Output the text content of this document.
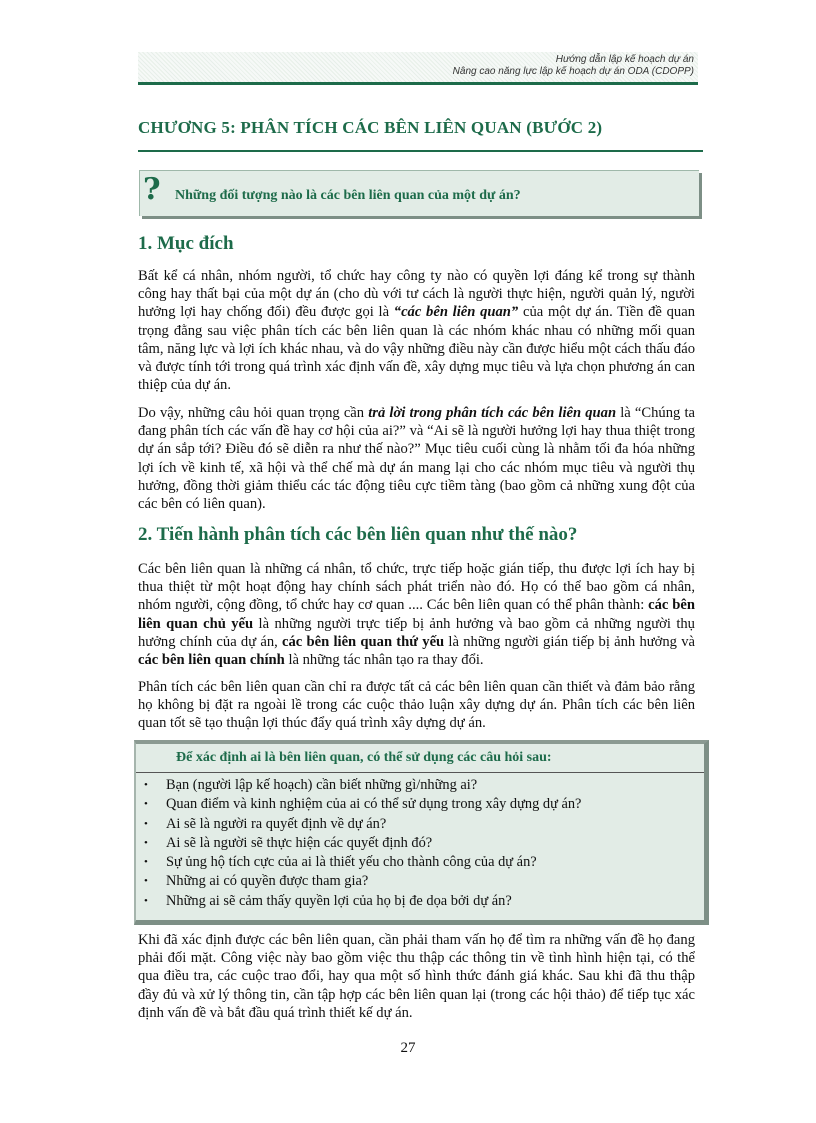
Hướng dẫn lập kế hoạch dự án
Nâng cao năng lực lập kế hoạch dự án ODA (CDOPP)
CHƯƠNG 5: PHÂN TÍCH CÁC BÊN LIÊN QUAN (BƯỚC 2)
? Những đối tượng nào là các bên liên quan của một dự án?
1. Mục đích

Bất kể cá nhân, nhóm người, tổ chức hay công ty nào có quyền lợi đáng kể trong sự thành công hay thất bại của một dự án (cho dù với tư cách là người thực hiện, người quản lý, người hưởng lợi hay chống đối) đều được gọi là “các bên liên quan” của một dự án. Tiền đề quan trọng đằng sau việc phân tích các bên liên quan là các nhóm khác nhau có những mối quan tâm, năng lực và lợi ích khác nhau, và do vậy những điều này cần được hiểu một cách thấu đáo và được tính tới trong quá trình xác định vấn đề, xây dựng mục tiêu và lựa chọn phương án can thiệp của dự án.

Do vậy, những câu hỏi quan trọng cần trả lời trong phân tích các bên liên quan là “Chúng ta đang phân tích các vấn đề hay cơ hội của ai?” và “Ai sẽ là người hưởng lợi hay thua thiệt trong dự án sắp tới? Điều đó sẽ diễn ra như thế nào?” Mục tiêu cuối cùng là nhằm tối đa hóa những lợi ích về kinh tế, xã hội và thể chế mà dự án mang lại cho các nhóm mục tiêu và người thụ hưởng, đồng thời giảm thiểu các tác động tiêu cực tiềm tàng (bao gồm cả những xung đột của các bên có liên quan).

2. Tiến hành phân tích các bên liên quan như thế nào?

Các bên liên quan là những cá nhân, tổ chức, trực tiếp hoặc gián tiếp, thu được lợi ích hay bị thua thiệt từ một hoạt động hay chính sách phát triển nào đó. Họ có thể bao gồm cá nhân, nhóm người, cộng đồng, tổ chức hay cơ quan .... Các bên liên quan có thể phân thành: các bên liên quan chủ yếu là những người trực tiếp bị ảnh hưởng và bao gồm cả những người thụ hưởng chính của dự án, các bên liên quan thứ yếu là những người gián tiếp bị ảnh hưởng và các bên liên quan chính là những tác nhân tạo ra thay đổi.

Phân tích các bên liên quan cần chỉ ra được tất cả các bên liên quan cần thiết và đảm bảo rằng họ không bị đặt ra ngoài lề trong các cuộc thảo luận xây dựng dự án. Phân tích các bên liên quan tốt sẽ tạo thuận lợi thúc đẩy quá trình xây dựng dự án.

Để xác định ai là bên liên quan, có thể sử dụng các câu hỏi sau:
• Bạn (người lập kế hoạch) cần biết những gì/những ai?
• Quan điểm và kinh nghiệm của ai có thể sử dụng trong xây dựng dự án?
• Ai sẽ là người ra quyết định về dự án?
• Ai sẽ là người sẽ thực hiện các quyết định đó?
• Sự ủng hộ tích cực của ai là thiết yếu cho thành công của dự án?
• Những ai có quyền được tham gia?
• Những ai sẽ cảm thấy quyền lợi của họ bị đe dọa bởi dự án?

Khi đã xác định được các bên liên quan, cần phải tham vấn họ để tìm ra những vấn đề họ đang phải đối mặt. Công việc này bao gồm việc thu thập các thông tin về tình hình hiện tại, có thể qua điều tra, các cuộc trao đổi, hay qua một số hình thức đánh giá khác. Sau khi đã thu thập đầy đủ và xử lý thông tin, cần tập hợp các bên liên quan lại (trong các hội thảo) để tiếp tục xác định vấn đề và bắt đầu quá trình thiết kế dự án.

27
